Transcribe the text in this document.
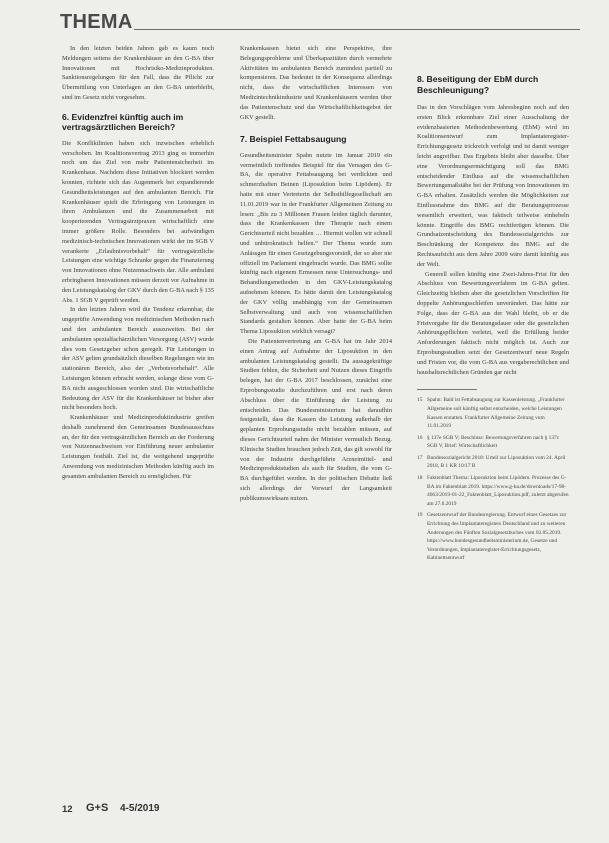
THEMA

In den letzten beiden Jahren gab es kaum noch Meldungen seitens der Krankenhäuser an den G-BA über Innovationen mit Hochrisiko-Medizinprodukten. Sanktionsregelungen für den Fall, dass die Pflicht zur Übermittlung von Unterlagen an den G-BA unterbleibt, sind im Gesetz nicht vorgesehen.

6. Evidenzfrei künftig auch im vertragsärztlichen Bereich?

Die Konfliktlinien haben sich inzwischen erheblich verschoben. Im Koalitionsvertrag 2013 ging es immerhin noch um das Ziel von mehr Patientensicherheit im Krankenhaus. Nachdem diese Initiativen blockiert werden konnten, richtete sich das Augenmerk bei expandierende Gesundheitsleistungen auf den ambulanten Bereich. Für Krankenhäuser spielt die Erbringung von Leistungen in ihren Ambulanzen und die Zusammenarbeit mit kooperierenden Vertragsärztpraxen wirtschaftlich eine immer größere Rolle. Besonders bei aufwändigen medizinisch-technischen Innovationen wirkt der im SGB V verankerte „Erlaubnisvorbehalt“ für vertragsärztliche Leistungen eine wichtige Schranke gegen die Finanzierung von Innovationen ohne Nutzennachweis dar. Alle ambulant erbringbaren Innovationen müssen derzeit vor Aufnahme in den Leistungskatalog der GKV durch den G-BA nach § 135 Abs. 1 SGB V geprüft werden.

In den letzten Jahren wird die Tendenz erkennbar, die ungeprüfte Anwendung von medizinischen Methoden nach und den ambulanten Bereich auszuweiten. Bei der ambulanten spezialfachärztlichen Versorgung (ASV) wurde dies vom Gesetzgeber schon geregelt. Für Leistungen in der ASV gelten grundsätzlich dieselben Regelungen wie im stationären Bereich, also der „Verbotsvorbehalt“. Alle Leistungen können erbracht werden, solange diese vom G-BA nicht ausgeschlossen worden sind. Die wirtschaftliche Bedeutung der ASV für die Krankenhäuser ist bisher aber nicht besonders hoch.

Krankenhäuser und Medizinproduktindustrie greifen deshalb zunehmend den Gemeinsamen Bundesausschuss an, der für den vertragsärztlichen Bereich an der Forderung von Nutzennachweisen vor Einführung neuer ambulanter Leistungen festhält. Ziel ist, die weitgehend ungeprüfte Anwendung von medizinischen Methoden künftig auch im gesamten ambulanten Bereich zu ermöglichen. Für

Krankenkassen bietet sich eine Perspektive, ihre Belegungsprobleme und Überkapazitäten durch vermehrte Aktivitäten im ambulanten Bereich zumindest partiell zu kompensieren. Das bedeutet in der Konsequenz allerdings nicht, dass die wirtschaftlichen Interessen von Medizintechnikindustrie und Krankenhäusern werden über das Patientenschutz und das Wirtschaftlichkeitsgebot der GKV gestellt.

7. Beispiel Fettabsaugung

Gesundheitsminister Spahn nutzte im Januar 2019 ein vermeintlich treffendes Beispiel für das Versagen des G-BA, die operative Fettabsaugung bei verdickten und schmerzhaften Beinen (Liposuktion beim Lipödem). Er hatte mit einer Vertreterin der Selbsthilfegesellschaft am 11.01.2019 war in der Frankfurter Allgemeinen Zeitung zu lesen: „Bis zu 3 Millionen Frauen leiden täglich darunter, dass die Krankenkassen ihre Therapie nach einem Gerichtsurteil nicht bezahlen … Hiermit wollen wir schnell und unbürokratisch helfen.“ Der Thema wurde zum Anlässgen für einen Gesetzgebungsvorstoß, der so aber nie offiziell im Parlament eingebracht wurde. Das BMG sollte künftig nach eigenem Ermessen neue Untersuchungs- und Behandlungsmethoden in den GKV-Leistungskatalog aufnehmen können. Es hätte damit den Leistungskatalog der GKV völlig unabhängig von der Gemeinsamen Selbstverwaltung und auch von wissenschaftlichen Standards gestalten können. Aber hatte der G-BA beim Thema Liposuktion wirklich versagt?

Die Patientenvertretung am G-BA hat im Jahr 2014 einen Antrag auf Aufnahme der Liposuktion in den ambulanten Leistungskatalog gestellt. Da aussagekräftige Studien fehlen, die Sicherheit und Nutzen dieses Eingriffs belegen, hat der G-BA 2017 beschlossen, zunächst eine Erprobungsstudie durchzuführen und erst nach deren Abschluss über die Einführung der Leistung zu entscheiden. Das Bundesministerium hat daraufhin festgestellt, dass die Kassen die Leistung außerhalb der geplanten Erprobungsstudie nicht bezahlen müssen, auf dieses Gerichtsurteil nahm der Minister vermutlich Bezug. Klinische Studien brauchen jedoch Zeit, das gilt sowohl für von der Industrie durchgeführte Arzneimittel- und Medizinproduktstudien als auch für Studien, die vom G-BA durchgeführt werden. In der politischen Debatte ließ sich allerdings der Vorwurf der Langsamkeit publikumswirksam nutzen.

8. Beseitigung der EbM durch Beschleunigung?

Das in den Vorschlägen vom Jahresbeginn noch auf den ersten Blick erkennbare Ziel einer Ausschaltung der evidenzbasierten Methodenbewertung (EbM) wird im Koalitionsentwurf zum Implantateregister-Errichtungsgesetz trickreich verfolgt und ist damit weniger leicht angreifbar. Das Ergebnis bleibt aber dasselbe. Über eine Verordnungsermächtigung soll das BMG entscheidender Einfluss auf die wissenschaftlichen Bewertungsmaßstäbe bei der Prüfung von Innovationen im G-BA erhalten. Zusätzlich werden die Möglichkeiten zur Einflussnahme des BMG auf die Beratungsprozesse wesentlich erweitert, was faktisch teilweise einhebeln könnte. Eingriffe des BMG rechtfertigen können. Die Grundsatzentscheidung des Bundessozialgerichts zur Beschränkung der Kompetenz des BMG auf die Rechtsaufsicht aus dem Jahre 2009 wäre damit künftig aus der Welt.

Generell sollen künftig eine Zwei-Jahres-Frist für den Abschluss von Bewertungsverfahren im G-BA gelten. Gleichzeitig bleiben aber die gesetzlichen Vorschriften für doppelte Anhörungsschleifen unverändert. Das hätte zur Folge, dass der G-BA aus der Wahl bleibt, ob er die Fristvorgabe für die Beratungsdauer oder die gesetzlichen Anhörungspflichten verletzt, weil die Erfüllung beider Anforderungen faktisch nicht möglich ist. Auch zur Erprobungsstudien setzt der Gesetzentwurf neue Regeln und Fristen vor, die vom G-BA aus vergaberechtlichen und haushaltsrechtlichen Gründen gar nicht

15 Spahn: Bald ist Fettabsaugung zur Kassenleistung. „Frankfurter Allgemeine soll künftig selbst entscheiden, welche Leistungen Kassen erstatten. Frankfurter Allgemeine Zeitung vom 11.01.2019
16 § 137e SGB V; Beschluss: Bewertungsverfahren nach § 137c SGB V, Brief: Wirtschaftlichkeit
17 Bundessozialgericht 2018: Urteil zur Liposuktion vom 24. April 2018, B 1 KR 10/17 R
18 Faktenblatt Thema: Liposuktion beim Lipödem. Prozesse des G-BA im Faktenblatt 2019. https://www.g-ba.de/downloads/17-98-4663/2019-01-22_Faktenblatt_Liposuktion.pdf, zuletzt abgerufen am 27.6.2019
19 Gesetzentwurf der Bundesregierung. Entwurf eines Gesetzes zur Errichtung des Implantateregisters Deutschland und zu weiteren Änderungen des Fünften Sozialgesetzbuches vom 02.05.2019. https://www.bundesgesundheitsministerium.de, Gesetze und Verordnungen, Implantateregister-Errichtungsgesetz, Kabinettsentwurf
12 G+S 4-5/2019
